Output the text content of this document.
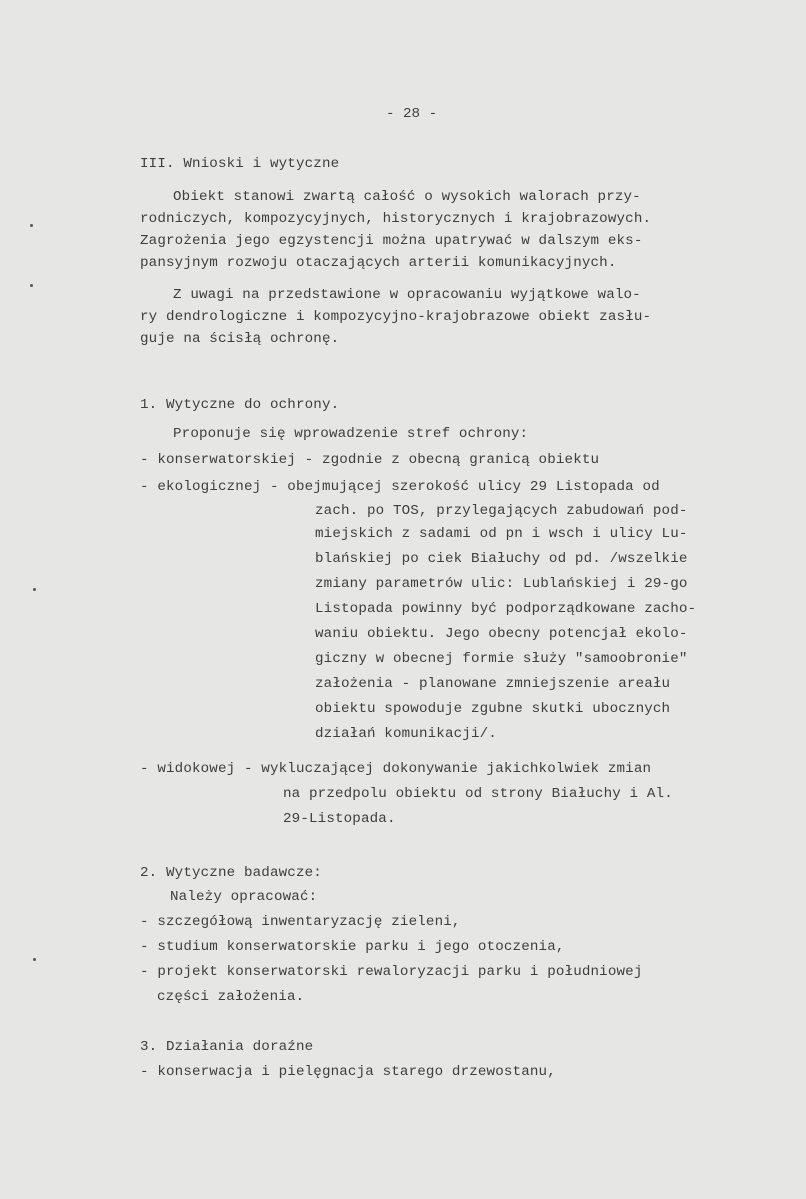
- 28 -
III. Wnioski i wytyczne
Obiekt stanowi zwartą całość o wysokich walorach przy-
rodniczych, kompozycyjnych, historycznych i krajobrazowych.
Zagrożenia jego egzystencji można upatrywać w dalszym eks-
pansyjnym rozwoju otaczających arterii komunikacyjnych.
Z uwagi na przedstawione w opracowaniu wyjątkowe walo-
ry dendrologiczne i kompozycyjno-krajobrazowe obiekt zasłu-
guje na ścisłą ochronę.
1. Wytyczne do ochrony.
Proponuje się wprowadzenie stref ochrony:
- konserwatorskiej - zgodnie z obecną granicą obiektu
- ekologicznej - obejmującej szerokość ulicy 29 Listopada od
zach. po TOS, przylegających zabudowań pod-
miejskich z sadami od pn i wsch i ulicy Lu-
blańskiej po ciek Białuchy od pd. /wszelkie
zmiany parametrów ulic: Lublańskiej i 29-go
Listopada powinny być podporządkowane zacho-
waniu obiektu. Jego obecny potencjał ekolo-
giczny w obecnej formie służy "samoobronie"
założenia - planowane zmniejszenie areału
obiektu spowoduje zgubne skutki ubocznych
działań komunikacji/.
- widokowej - wykluczającej dokonywanie jakichkolwiek zmian
na przedpolu obiektu od strony Białuchy i Al.
29-Listopada.
2. Wytyczne badawcze:
Należy opracować:
- szczegółową inwentaryzację zieleni,
- studium konserwatorskie parku i jego otoczenia,
- projekt konserwatorski rewaloryzacji parku i południowej
części założenia.
3. Działania doraźne
- konserwacja i pielęgnacja starego drzewostanu,
